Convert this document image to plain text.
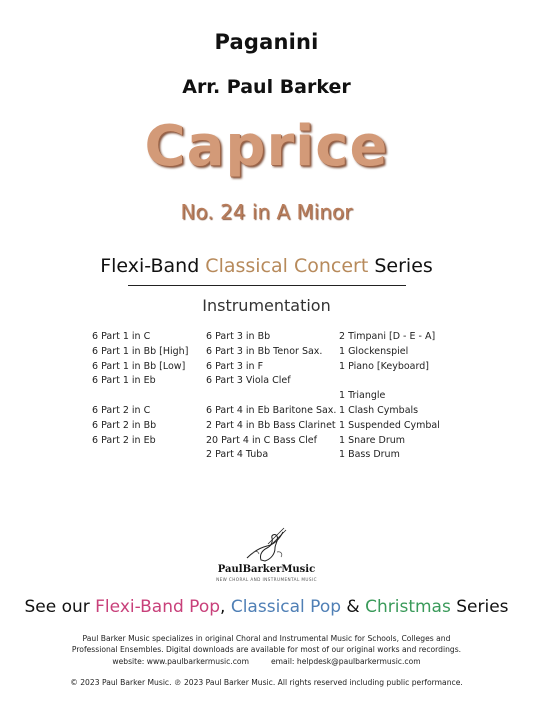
Paganini
Arr. Paul Barker
Caprice
No. 24 in A Minor
Flexi-Band Classical Concert Series
Instrumentation
6 Part 1 in C
6 Part 1 in Bb [High]
6 Part 1 in Bb [Low]
6 Part 1 in Eb
6 Part 2 in C
6 Part 2 in Bb
6 Part 2 in Eb
6 Part 3 in Bb
6 Part 3 in Bb Tenor Sax.
6 Part 3 in F
6 Part 3 Viola Clef
6 Part 4 in Eb Baritone Sax.
2 Part 4 in Bb Bass Clarinet
20 Part 4 in C Bass Clef
2 Part 4 Tuba
2 Timpani [D - E - A]
1 Glockenspiel
1 Piano [Keyboard]
1 Triangle
1 Clash Cymbals
1 Suspended Cymbal
1 Snare Drum
1 Bass Drum
PaulBarkerMusic
NEW CHORAL AND INSTRUMENTAL MUSIC
See our Flexi-Band Pop, Classical Pop & Christmas Series
Paul Barker Music specializes in original Choral and Instrumental Music for Schools, Colleges and
Professional Ensembles. Digital downloads are available for most of our original works and recordings.
website: www.paulbarkermusic.com	email: helpdesk@paulbarkermusic.com
© 2023 Paul Barker Music. ℗ 2023 Paul Barker Music. All rights reserved including public performance.
